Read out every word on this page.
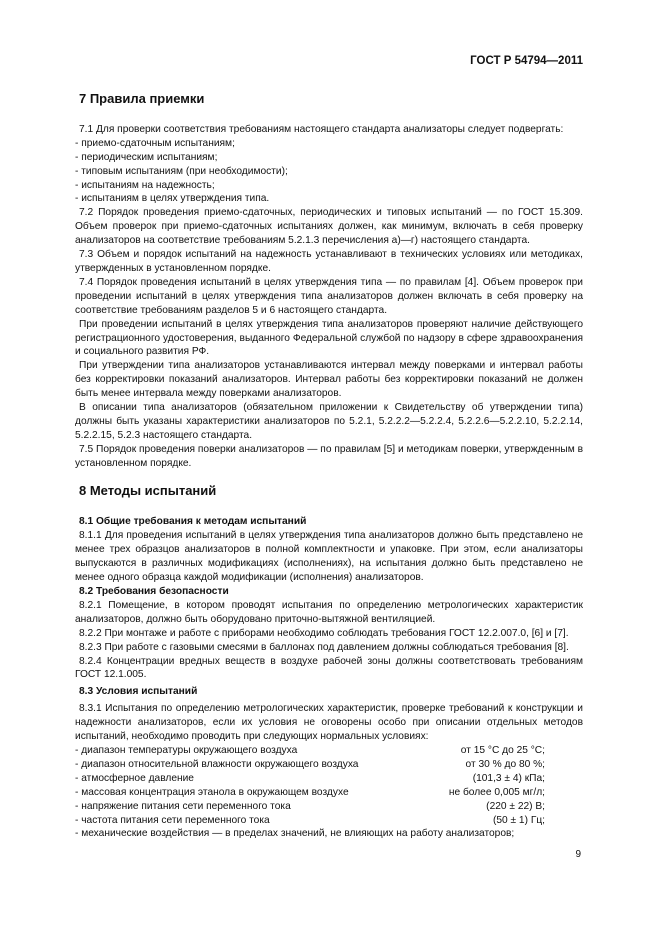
ГОСТ Р 54794—2011
7 Правила приемки

7.1 Для проверки соответствия требованиям настоящего стандарта анализаторы следует подвергать:

- приемо-сдаточным испытаниям;

- периодическим испытаниям;

- типовым испытаниям (при необходимости);

- испытаниям на надежность;

- испытаниям в целях утверждения типа.

7.2 Порядок проведения приемо-сдаточных, периодических и типовых испытаний — по ГОСТ 15.309. Объем проверок при приемо-сдаточных испытаниях должен, как минимум, включать в себя проверку анализаторов на соответствие требованиям 5.2.1.3 перечисления а)—г) настоящего стандарта.

7.3 Объем и порядок испытаний на надежность устанавливают в технических условиях или методиках, утвержденных в установленном порядке.

7.4 Порядок проведения испытаний в целях утверждения типа — по правилам [4]. Объем проверок при проведении испытаний в целях утверждения типа анализаторов должен включать в себя проверку на соответствие требованиям разделов 5 и 6 настоящего стандарта.

При проведении испытаний в целях утверждения типа анализаторов проверяют наличие действующего регистрационного удостоверения, выданного Федеральной службой по надзору в сфере здравоохранения и социального развития РФ.

При утверждении типа анализаторов устанавливаются интервал между поверками и интервал работы без корректировки показаний анализаторов. Интервал работы без корректировки показаний не должен быть менее интервала между поверками анализаторов.

В описании типа анализаторов (обязательном приложении к Свидетельству об утверждении типа) должны быть указаны характеристики анализаторов по 5.2.1, 5.2.2.2—5.2.2.4, 5.2.2.6—5.2.2.10, 5.2.2.14, 5.2.2.15, 5.2.3 настоящего стандарта.

7.5 Порядок проведения поверки анализаторов — по правилам [5] и методикам поверки, утвержденным в установленном порядке.

8 Методы испытаний
8.1 Общие требования к методам испытаний

8.1.1 Для проведения испытаний в целях утверждения типа анализаторов должно быть представлено не менее трех образцов анализаторов в полной комплектности и упаковке. При этом, если анализаторы выпускаются в различных модификациях (исполнениях), на испытания должно быть представлено не менее одного образца каждой модификации (исполнения) анализаторов.

8.2 Требования безопасности

8.2.1 Помещение, в котором проводят испытания по определению метрологических характеристик анализаторов, должно быть оборудовано приточно-вытяжной вентиляцией.

8.2.2 При монтаже и работе с приборами необходимо соблюдать требования ГОСТ 12.2.007.0, [6] и [7].

8.2.3 При работе с газовыми смесями в баллонах под давлением должны соблюдаться требования [8].

8.2.4 Концентрации вредных веществ в воздухе рабочей зоны должны соответствовать требованиям ГОСТ 12.1.005.

8.3 Условия испытаний

8.3.1 Испытания по определению метрологических характеристик, проверке требований к конструкции и надежности анализаторов, если их условия не оговорены особо при описании отдельных методов испытаний, необходимо проводить при следующих нормальных условиях:

- диапазон температуры окружающего воздуха	от 15 °С до 25 °С;
- диапазон относительной влажности окружающего воздуха	от 30 % до 80 %;
- атмосферное давление	(101,3 ± 4) кПа;
- массовая концентрация этанола в окружающем воздухе	не более 0,005 мг/л;
- напряжение питания сети переменного тока	(220 ± 22) В;
- частота питания сети переменного тока	(50 ± 1) Гц;

- механические воздействия — в пределах значений, не влияющих на работу анализаторов;

9
